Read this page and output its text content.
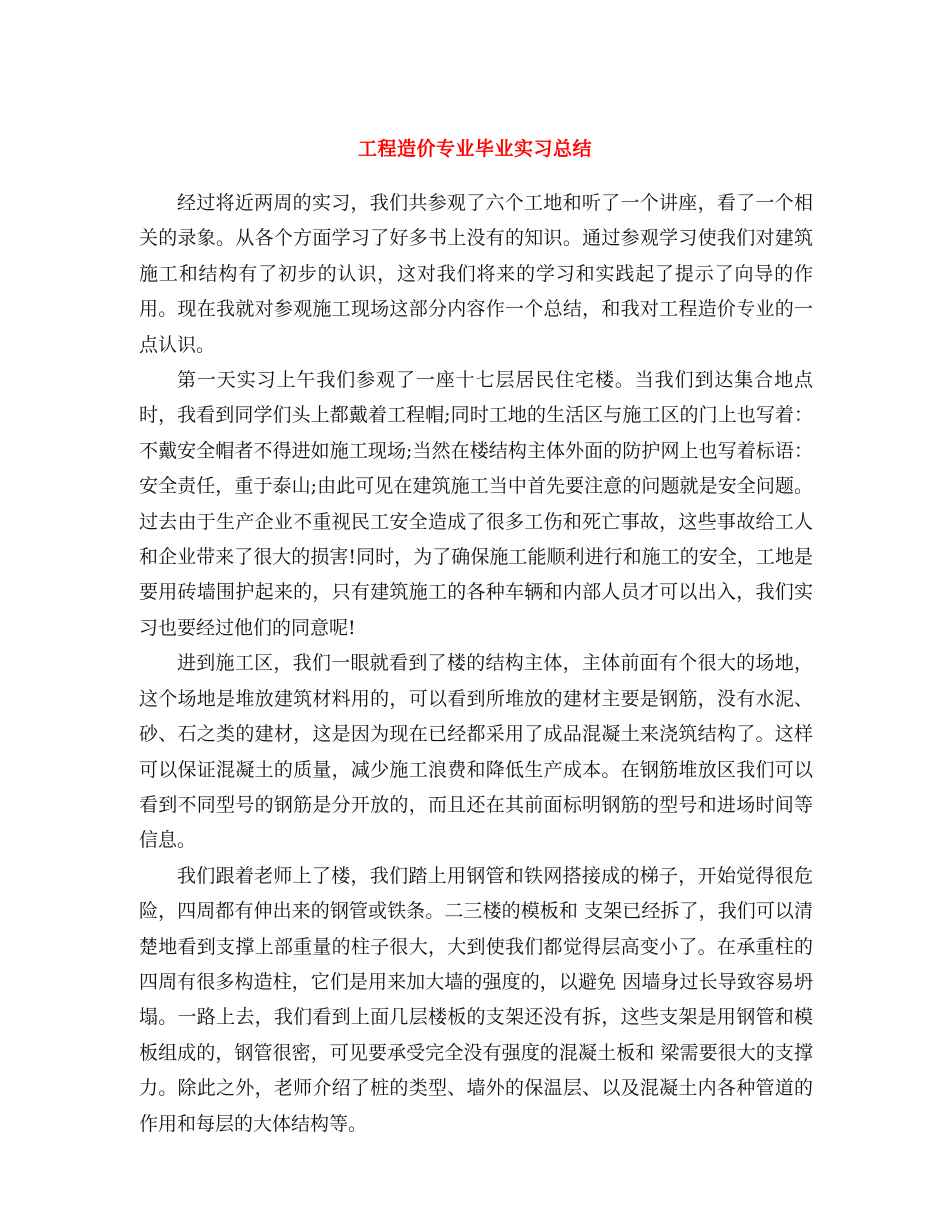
工程造价专业毕业实习总结

经过将近两周的实习，我们共参观了六个工地和听了一个讲座，看了一个相关的录象。从各个方面学习了好多书上没有的知识。通过参观学习使我们对建筑施工和结构有了初步的认识，这对我们将来的学习和实践起了提示了向导的作用。现在我就对参观施工现场这部分内容作一个总结，和我对工程造价专业的一点认识。

第一天实习上午我们参观了一座十七层居民住宅楼。当我们到达集合地点时，我看到同学们头上都戴着工程帽;同时工地的生活区与施工区的门上也写着：不戴安全帽者不得进如施工现场;当然在楼结构主体外面的防护网上也写着标语：安全责任，重于泰山;由此可见在建筑施工当中首先要注意的问题就是安全问题。过去由于生产企业不重视民工安全造成了很多工伤和死亡事故，这些事故给工人和企业带来了很大的损害!同时，为了确保施工能顺利进行和施工的安全，工地是要用砖墙围护起来的，只有建筑施工的各种车辆和内部人员才可以出入，我们实习也要经过他们的同意呢!

进到施工区，我们一眼就看到了楼的结构主体，主体前面有个很大的场地，这个场地是堆放建筑材料用的，可以看到所堆放的建材主要是钢筋，没有水泥、砂、石之类的建材，这是因为现在已经都采用了成品混凝土来浇筑结构了。这样可以保证混凝土的质量，减少施工浪费和降低生产成本。在钢筋堆放区我们可以看到不同型号的钢筋是分开放的，而且还在其前面标明钢筋的型号和进场时间等信息。

我们跟着老师上了楼，我们踏上用钢管和铁网搭接成的梯子，开始觉得很危险，四周都有伸出来的钢管或铁条。二三楼的模板和 支架已经拆了，我们可以清楚地看到支撑上部重量的柱子很大，大到使我们都觉得层高变小了。在承重柱的四周有很多构造柱，它们是用来加大墙的强度的，以避免 因墙身过长导致容易坍塌。一路上去，我们看到上面几层楼板的支架还没有拆，这些支架是用钢管和模板组成的，钢管很密，可见要承受完全没有强度的混凝土板和 梁需要很大的支撑力。除此之外，老师介绍了桩的类型、墙外的保温层、以及混凝土内各种管道的作用和每层的大体结构等。
